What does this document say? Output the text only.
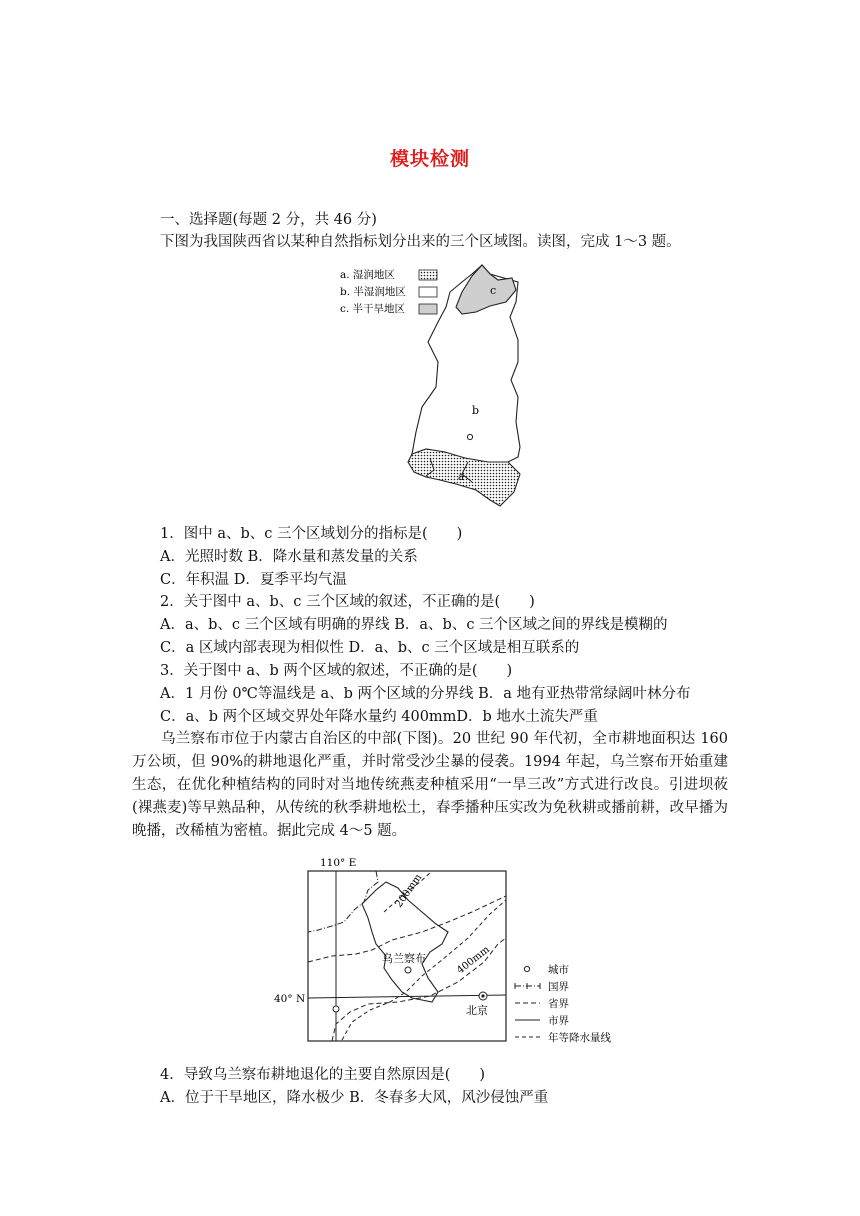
模块检测
一、选择题(每题 2 分，共 46 分)
下图为我国陕西省以某种自然指标划分出来的三个区域图。读图，完成 1～3 题。
a. 湿润地区
b. 半湿润地区
c. 半干旱地区
c
b
a
1．图中 a、b、c 三个区域划分的指标是(　　)
A．光照时数 B．降水量和蒸发量的关系
C．年积温 D．夏季平均气温
2．关于图中 a、b、c 三个区域的叙述，不正确的是(　　)
A．a、b、c 三个区域有明确的界线 B．a、b、c 三个区域之间的界线是模糊的
C．a 区域内部表现为相似性 D．a、b、c 三个区域是相互联系的
3．关于图中 a、b 两个区域的叙述，不正确的是(　　)
A．1 月份 0℃等温线是 a、b 两个区域的分界线 B．a 地有亚热带常绿阔叶林分布
C．a、b 两个区域交界处年降水量约 400mmD．b 地水土流失严重
乌兰察布市位于内蒙古自治区的中部(下图)。20 世纪 90 年代初，全市耕地面积达 160 万公顷，但 90%的耕地退化严重，并时常受沙尘暴的侵袭。1994 年起，乌兰察布开始重建生态，在优化种植结构的同时对当地传统燕麦种植采用“一旱三改”方式进行改良。引进坝莜(裸燕麦)等早熟品种，从传统的秋季耕地松土，春季播种压实改为免秋耕或播前耕，改早播为晚播，改稀植为密植。据此完成 4～5 题。
110° E
40° N
200mm
400mm
乌兰察布
北京
城市
国界
省界
市界
年等降水量线
4．导致乌兰察布耕地退化的主要自然原因是(　　)
A．位于干旱地区，降水极少 B．冬春多大风，风沙侵蚀严重
